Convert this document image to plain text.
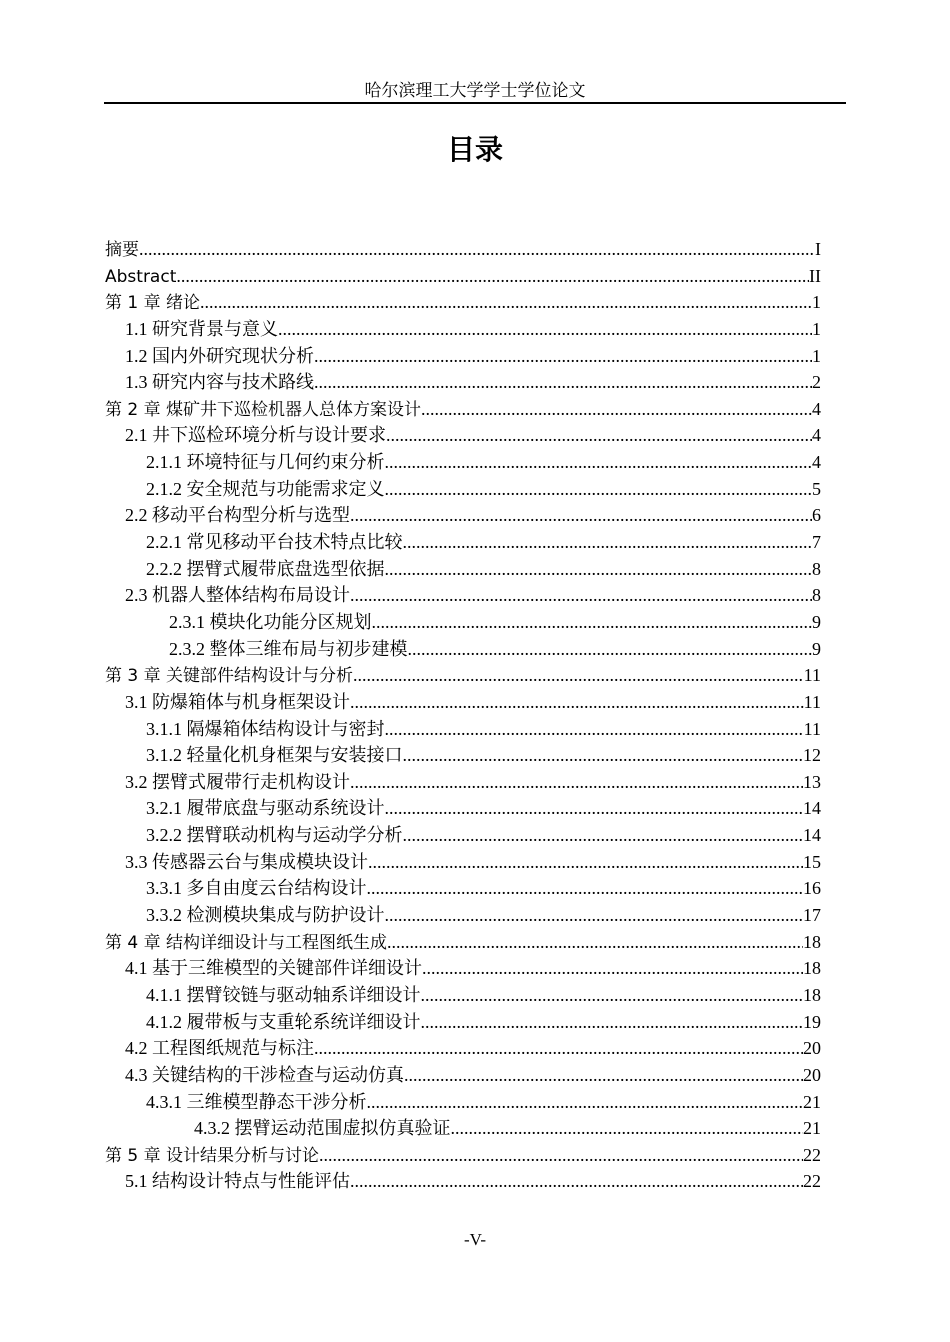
哈尔滨理工大学学士学位论文
目录
摘要 .....	I
Abstract .....	II
第 1 章 绪论 .....	1
1.1 研究背景与意义 .....	1
1.2 国内外研究现状分析 .....	1
1.3 研究内容与技术路线 .....	2
第 2 章 煤矿井下巡检机器人总体方案设计 .....	4
2.1 井下巡检环境分析与设计要求 .....	4
2.1.1 环境特征与几何约束分析 .....	4
2.1.2 安全规范与功能需求定义 .....	5
2.2 移动平台构型分析与选型 .....	6
2.2.1 常见移动平台技术特点比较 .....	7
2.2.2 摆臂式履带底盘选型依据 .....	8
2.3 机器人整体结构布局设计 .....	8
2.3.1 模块化功能分区规划 .....	9
2.3.2 整体三维布局与初步建模 .....	9
第 3 章 关键部件结构设计与分析 .....	11
3.1 防爆箱体与机身框架设计 .....	11
3.1.1 隔爆箱体结构设计与密封 .....	11
3.1.2 轻量化机身框架与安装接口 .....	12
3.2 摆臂式履带行走机构设计 .....	13
3.2.1 履带底盘与驱动系统设计 .....	14
3.2.2 摆臂联动机构与运动学分析 .....	14
3.3 传感器云台与集成模块设计 .....	15
3.3.1 多自由度云台结构设计 .....	16
3.3.2 检测模块集成与防护设计 .....	17
第 4 章 结构详细设计与工程图纸生成 .....	18
4.1 基于三维模型的关键部件详细设计 .....	18
4.1.1 摆臂铰链与驱动轴系详细设计 .....	18
4.1.2 履带板与支重轮系统详细设计 .....	19
4.2 工程图纸规范与标注 .....	20
4.3 关键结构的干涉检查与运动仿真 .....	20
4.3.1 三维模型静态干涉分析 .....	21
4.3.2 摆臂运动范围虚拟仿真验证 .....	21
第 5 章 设计结果分析与讨论 .....	22
5.1 结构设计特点与性能评估 .....	22
-V-
